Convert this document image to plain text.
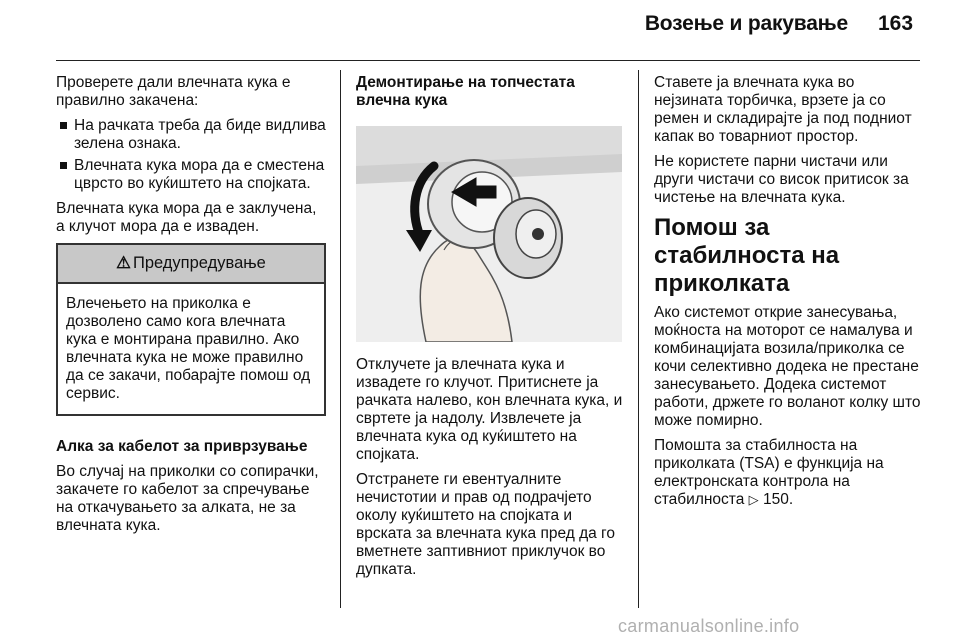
Возење и ракување 163

Проверете дали влечната кука е правилно закачена:

На рачката треба да биде видлива зелена ознака.
Влечната кука мора да е сместена цврсто во куќиштето на спојката.

Влечната кука мора да е заклучена, а клучот мора да е изваден.

⚠ Предупредување
Влечењето на приколка е дозволено само кога влечната кука е монтирана правилно. Ако влечната кука не може правилно да се закачи, побарајте помош од сервис.

Алка за кабелот за приврзување

Во случај на приколки со сопирачки, закачете го кабелот за спречување на откачувањето за алката, не за влечната кука.

Демонтирање на топчестата влечна кука

Отклучете ја влечната кука и извадете го клучот. Притиснете ја рачката налево, кон влечната кука, и свртете ја надолу. Извлечете ја влечната кука од куќиштето на спојката.

Отстранете ги евентуалните нечистотии и прав од подрачјето околу куќиштето на спојката и врската за влечната кука пред да го вметнете заптивниот приклучок во дупката.

Ставете ја влечната кука во нејзината торбичка, врзете ја со ремен и складирајте ја под подниот капак во товарниот простор.

Не користете парни чистачи или други чистачи со висок притисок за чистење на влечната кука.

Помош за стабилноста на приколката

Ако системот открие занесувања, моќноста на моторот се намалува и комбинацијата возила/приколка се кочи селективно додека не престане занесувањето. Додека системот работи, држете го воланот колку што може помирно.

Помошта за стабилноста на приколката (TSA) е функција на електронската контрола на стабилноста ▷ 150.

carmanualsonline.info
